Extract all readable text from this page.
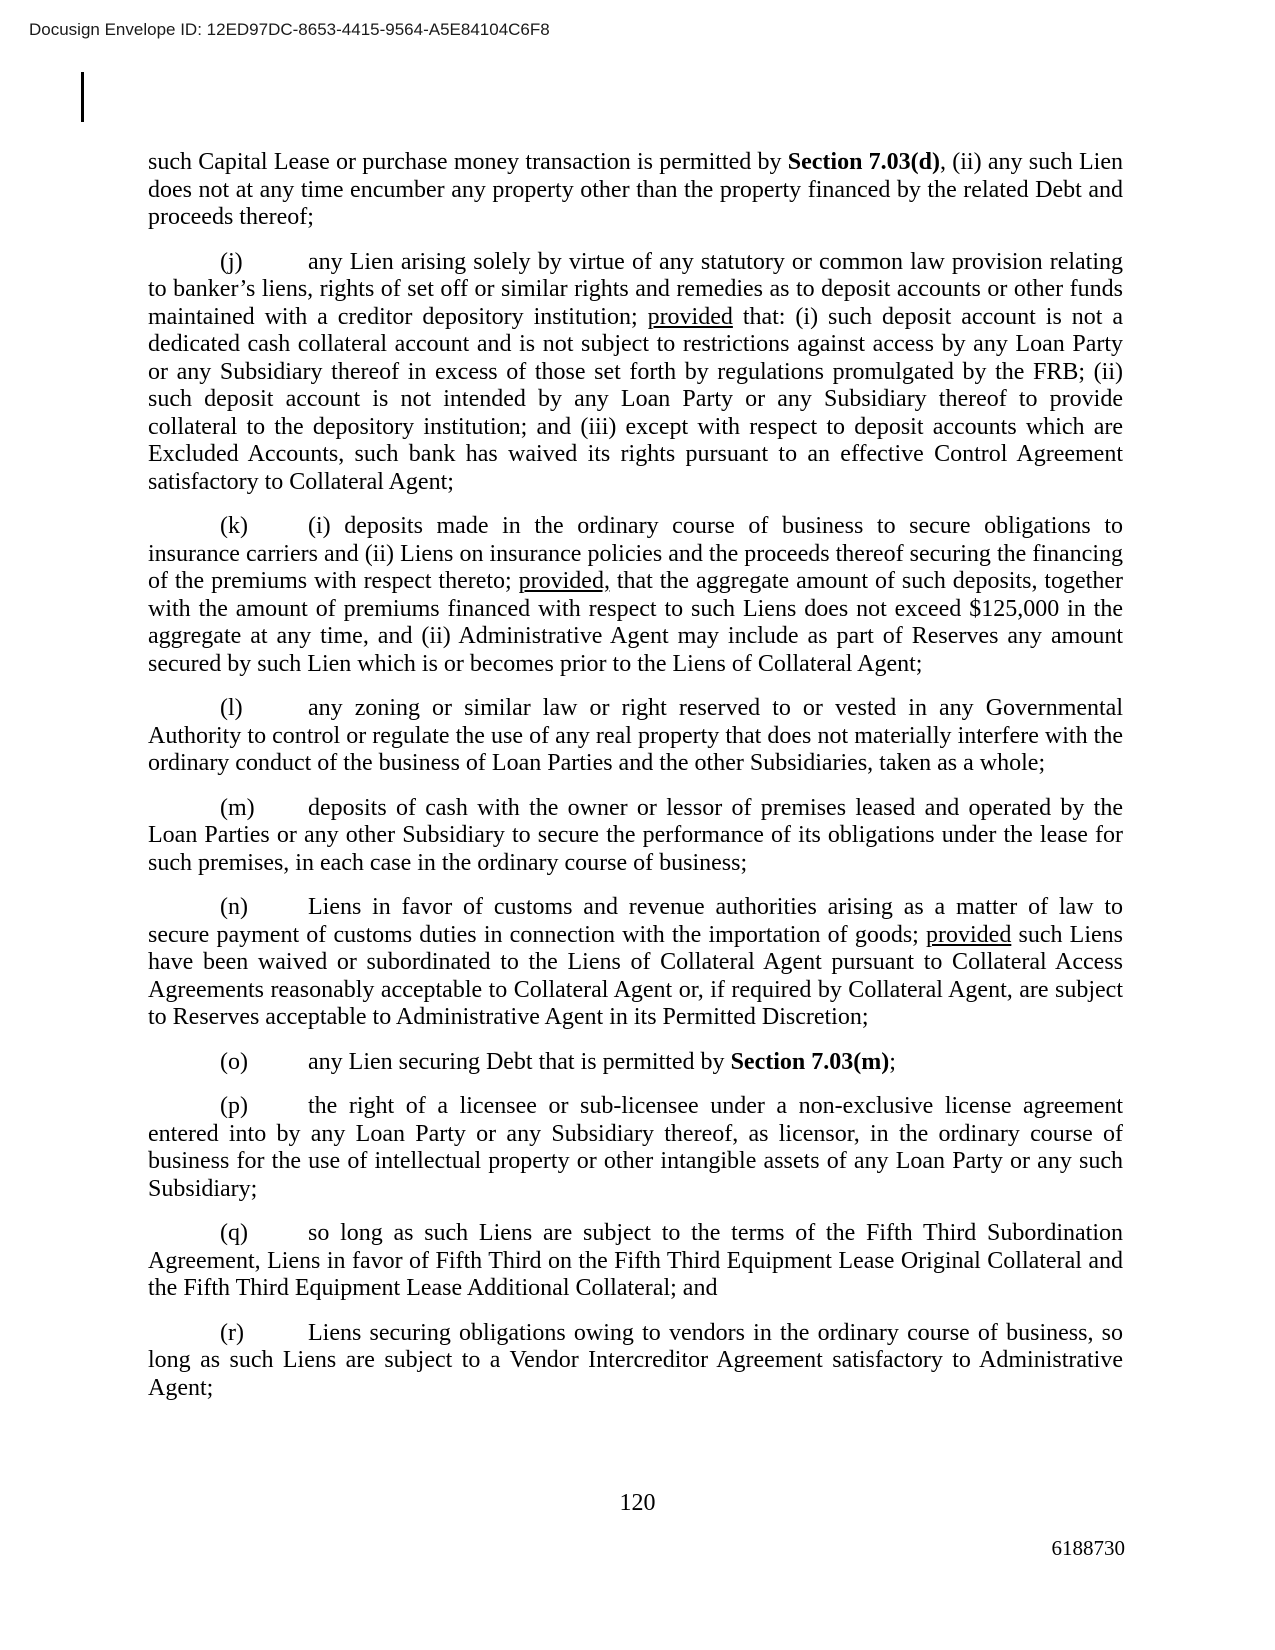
Docusign Envelope ID: 12ED97DC-8653-4415-9564-A5E84104C6F8

such Capital Lease or purchase money transaction is permitted by Section 7.03(d), (ii) any such Lien does not at any time encumber any property other than the property financed by the related Debt and proceeds thereof;

(j)	any Lien arising solely by virtue of any statutory or common law provision relating to banker’s liens, rights of set off or similar rights and remedies as to deposit accounts or other funds maintained with a creditor depository institution; provided that: (i) such deposit account is not a dedicated cash collateral account and is not subject to restrictions against access by any Loan Party or any Subsidiary thereof in excess of those set forth by regulations promulgated by the FRB; (ii) such deposit account is not intended by any Loan Party or any Subsidiary thereof to provide collateral to the depository institution; and (iii) except with respect to deposit accounts which are Excluded Accounts, such bank has waived its rights pursuant to an effective Control Agreement satisfactory to Collateral Agent;

(k)	(i) deposits made in the ordinary course of business to secure obligations to insurance carriers and (ii) Liens on insurance policies and the proceeds thereof securing the financing of the premiums with respect thereto; provided, that the aggregate amount of such deposits, together with the amount of premiums financed with respect to such Liens does not exceed $125,000 in the aggregate at any time, and (ii) Administrative Agent may include as part of Reserves any amount secured by such Lien which is or becomes prior to the Liens of Collateral Agent;

(l)	any zoning or similar law or right reserved to or vested in any Governmental Authority to control or regulate the use of any real property that does not materially interfere with the ordinary conduct of the business of Loan Parties and the other Subsidiaries, taken as a whole;

(m) deposits of cash with the owner or lessor of premises leased and operated by the Loan Parties or any other Subsidiary to secure the performance of its obligations under the lease for such premises, in each case in the ordinary course of business;

(n)	Liens in favor of customs and revenue authorities arising as a matter of law to secure payment of customs duties in connection with the importation of goods; provided such Liens have been waived or subordinated to the Liens of Collateral Agent pursuant to Collateral Access Agreements reasonably acceptable to Collateral Agent or, if required by Collateral Agent, are subject to Reserves acceptable to Administrative Agent in its Permitted Discretion;

(o)	any Lien securing Debt that is permitted by Section 7.03(m);

(p)	the right of a licensee or sub-licensee under a non-exclusive license agreement entered into by any Loan Party or any Subsidiary thereof, as licensor, in the ordinary course of business for the use of intellectual property or other intangible assets of any Loan Party or any such Subsidiary;

(q)	so long as such Liens are subject to the terms of the Fifth Third Subordination Agreement, Liens in favor of Fifth Third on the Fifth Third Equipment Lease Original Collateral and the Fifth Third Equipment Lease Additional Collateral; and

(r)	Liens securing obligations owing to vendors in the ordinary course of business, so long as such Liens are subject to a Vendor Intercreditor Agreement satisfactory to Administrative Agent;

120
6188730
